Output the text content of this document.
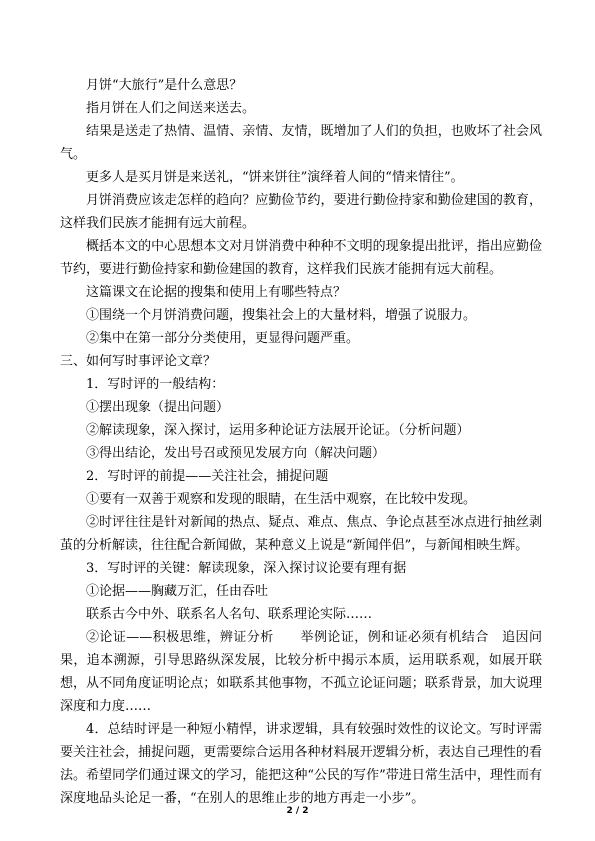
月饼“大旅行”是什么意思？

指月饼在人们之间送来送去。

结果是送走了热情、温情、亲情、友情，既增加了人们的负担，也败坏了社会风气。

更多人是买月饼是来送礼，“饼来饼往”演绎着人间的“情来情往”。

月饼消费应该走怎样的趋向？应勤俭节约，要进行勤俭持家和勤俭建国的教育，这样我们民族才能拥有远大前程。

概括本文的中心思想本文对月饼消费中种种不文明的现象提出批评，指出应勤俭节约，要进行勤俭持家和勤俭建国的教育，这样我们民族才能拥有远大前程。

这篇课文在论据的搜集和使用上有哪些特点？

①围绕一个月饼消费问题，搜集社会上的大量材料，增强了说服力。

②集中在第一部分分类使用，更显得问题严重。

三、如何写时事评论文章？

1．写时评的一般结构：

①摆出现象（提出问题）

②解读现象，深入探讨，运用多种论证方法展开论证。（分析问题）

③得出结论，发出号召或预见发展方向（解决问题）

2．写时评的前提——关注社会，捕捉问题

①要有一双善于观察和发现的眼睛，在生活中观察，在比较中发现。

②时评往往是针对新闻的热点、疑点、难点、焦点、争论点甚至冰点进行抽丝剥茧的分析解读，往往配合新闻做，某种意义上说是“新闻伴侣”，与新闻相映生辉。

3．写时评的关键：解读现象，深入探讨议论要有理有据

①论据——胸藏万汇，任由吞吐

联系古今中外、联系名人名句、联系理论实际……

②论证——积极思维，辨证分析　　举例论证，例和证必须有机结合　追因问果，追本溯源，引导思路纵深发展，比较分析中揭示本质，运用联系观，如展开联想，从不同角度证明论点；如联系其他事物，不孤立论证问题；联系背景，加大说理深度和力度……

4．总结时评是一种短小精悍，讲求逻辑，具有较强时效性的议论文。写时评需要关注社会，捕捉问题，更需要综合运用各种材料展开逻辑分析，表达自己理性的看法。希望同学们通过课文的学习，能把这种“公民的写作”带进日常生活中，理性而有深度地品头论足一番，“在别人的思维止步的地方再走一小步”。

2 / 2
